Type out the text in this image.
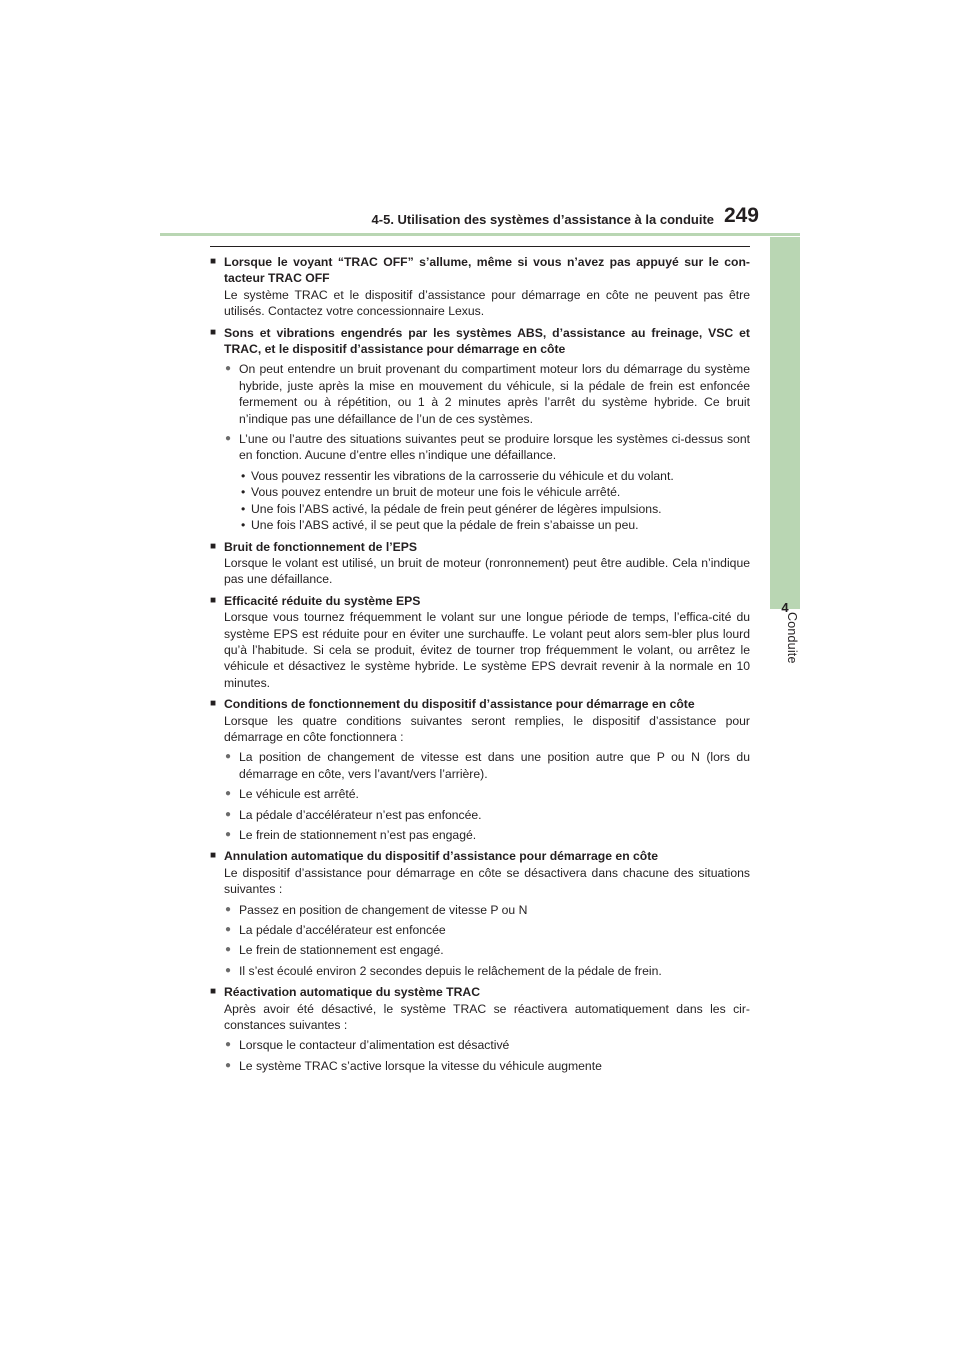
4-5. Utilisation des systèmes d’assistance à la conduite 249
4
Conduite
■ Lorsque le voyant “TRAC OFF” s’allume, même si vous n’avez pas appuyé sur le con-tacteur TRAC OFF
Le système TRAC et le dispositif d’assistance pour démarrage en côte ne peuvent pas être utilisés. Contactez votre concessionnaire Lexus.
■ Sons et vibrations engendrés par les systèmes ABS, d’assistance au freinage, VSC et TRAC, et le dispositif d’assistance pour démarrage en côte
● On peut entendre un bruit provenant du compartiment moteur lors du démarrage du système hybride, juste après la mise en mouvement du véhicule, si la pédale de frein est enfoncée fermement ou à répétition, ou 1 à 2 minutes après l’arrêt du système hybride. Ce bruit n’indique pas une défaillance de l’un de ces systèmes.
● L’une ou l’autre des situations suivantes peut se produire lorsque les systèmes ci-dessus sont en fonction. Aucune d’entre elles n’indique une défaillance.
• Vous pouvez ressentir les vibrations de la carrosserie du véhicule et du volant.
• Vous pouvez entendre un bruit de moteur une fois le véhicule arrêté.
• Une fois l’ABS activé, la pédale de frein peut générer de légères impulsions.
• Une fois l’ABS activé, il se peut que la pédale de frein s’abaisse un peu.
■ Bruit de fonctionnement de l’EPS
Lorsque le volant est utilisé, un bruit de moteur (ronronnement) peut être audible. Cela n’indique pas une défaillance.
■ Efficacité réduite du système EPS
Lorsque vous tournez fréquemment le volant sur une longue période de temps, l’effica-cité du système EPS est réduite pour en éviter une surchauffe. Le volant peut alors sem-bler plus lourd qu’à l’habitude. Si cela se produit, évitez de tourner trop fréquemment le volant, ou arrêtez le véhicule et désactivez le système hybride. Le système EPS devrait revenir à la normale en 10 minutes.
■ Conditions de fonctionnement du dispositif d’assistance pour démarrage en côte
Lorsque les quatre conditions suivantes seront remplies, le dispositif d’assistance pour démarrage en côte fonctionnera :
● La position de changement de vitesse est dans une position autre que P ou N (lors du démarrage en côte, vers l’avant/vers l’arrière).
● Le véhicule est arrêté.
● La pédale d’accélérateur n’est pas enfoncée.
● Le frein de stationnement n’est pas engagé.
■ Annulation automatique du dispositif d’assistance pour démarrage en côte
Le dispositif d’assistance pour démarrage en côte se désactivera dans chacune des situations suivantes :
● Passez en position de changement de vitesse P ou N
● La pédale d’accélérateur est enfoncée
● Le frein de stationnement est engagé.
● Il s’est écoulé environ 2 secondes depuis le relâchement de la pédale de frein.
■ Réactivation automatique du système TRAC
Après avoir été désactivé, le système TRAC se réactivera automatiquement dans les cir-constances suivantes :
● Lorsque le contacteur d’alimentation est désactivé
● Le système TRAC s’active lorsque la vitesse du véhicule augmente
